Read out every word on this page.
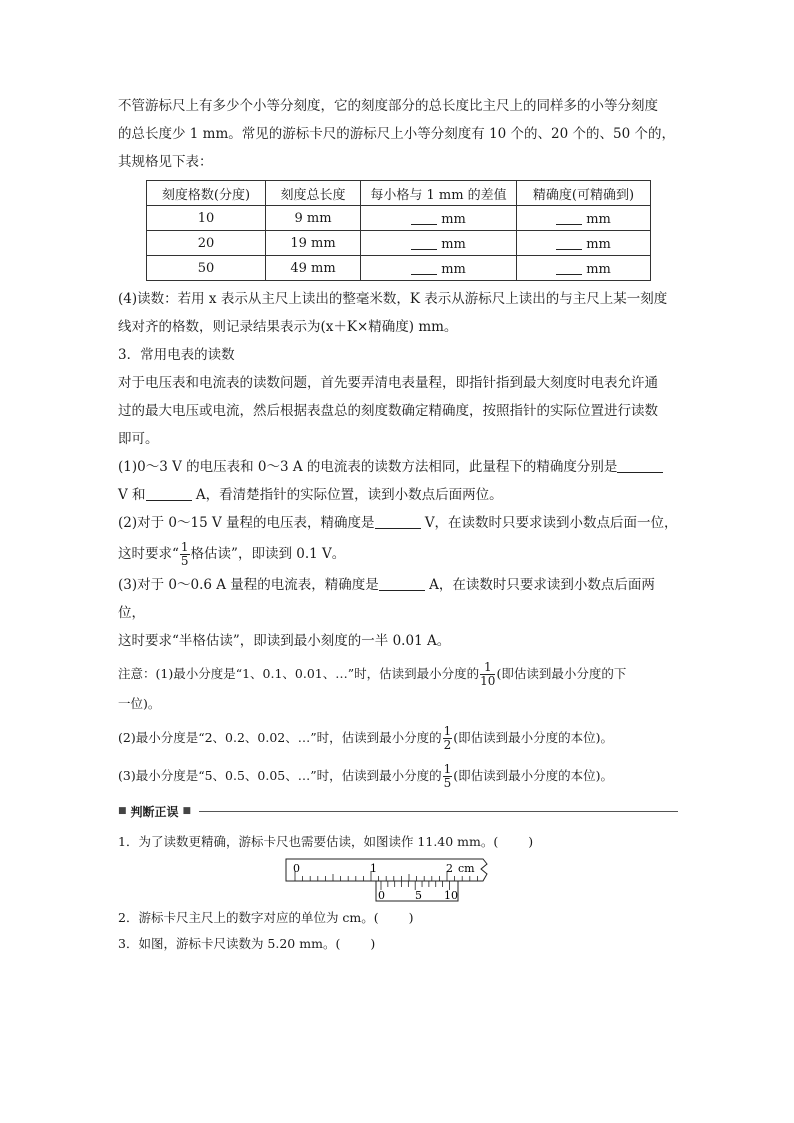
不管游标尺上有多少个小等分刻度，它的刻度部分的总长度比主尺上的同样多的小等分刻度

的总长度少 1 mm。常见的游标卡尺的游标尺上小等分刻度有 10 个的、20 个的、50 个的，

其规格见下表：

刻度格数(分度)	刻度总长度	每小格与 1 mm 的差值	精确度(可精确到)
10	9 mm	mm	mm
20	19 mm	mm	mm
50	49 mm	mm	mm

(4)读数：若用 x 表示从主尺上读出的整毫米数，K 表示从游标尺上读出的与主尺上某一刻度

线对齐的格数，则记录结果表示为(x＋K×精确度) mm。

3．常用电表的读数

对于电压表和电流表的读数问题，首先要弄清电表量程，即指针指到最大刻度时电表允许通

过的最大电压或电流，然后根据表盘总的刻度数确定精确度，按照指针的实际位置进行读数

即可。

(1)0～3 V 的电压表和 0～3 A 的电流表的读数方法相同，此量程下的精确度分别是

V 和	A，看清楚指针的实际位置，读到小数点后面两位。

(2)对于 0～15 V 量程的电压表，精确度是	V，在读数时只要求读到小数点后面一位，

这时要求“ $\frac{1}{5}$ 格估读”，即读到 0.1 V。

(3)对于 0～0.6 A 量程的电流表，精确度是	A，在读数时只要求读到小数点后面两位，

这时要求“半格估读”，即读到最小刻度的一半 0.01 A。

注意：(1)最小分度是“1、0.1、0.01、…”时，估读到最小分度的 $\frac{1}{10}$ (即估读到最小分度的下

一位)。

(2)最小分度是“2、0.2、0.02、…”时，估读到最小分度的 $\frac{1}{2}$ (即估读到最小分度的本位)。

(3)最小分度是“5、0.5、0.05、…”时，估读到最小分度的 $\frac{1}{5}$ (即估读到最小分度的本位)。

■ 判断正误 ■

1．为了读数更精确，游标卡尺也需要估读，如图读作 11.40 mm。( )

0	1	2 cm
0	5 10

2．游标卡尺主尺上的数字对应的单位为 cm。( )

3．如图，游标卡尺读数为 5.20 mm。( )
